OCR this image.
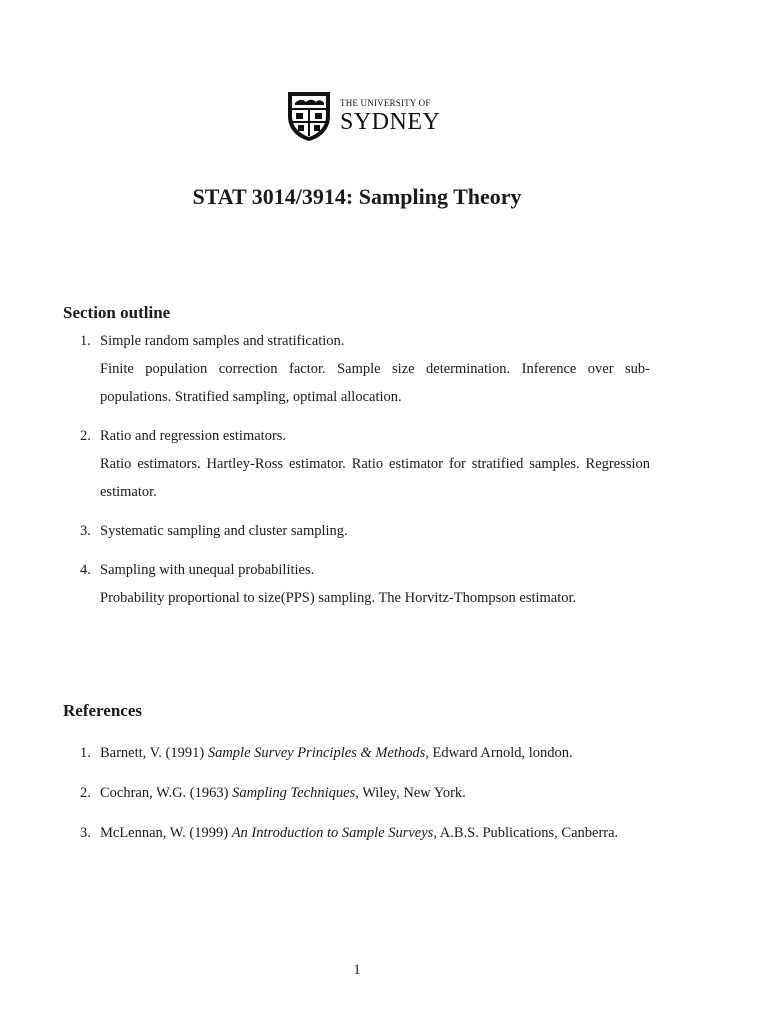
THE UNIVERSITY OF
SYDNEY
STAT 3014/3914: Sampling Theory
Section outline
1. Simple random samples and stratification.
Finite population correction factor. Sample size determination. Inference over sub-populations. Stratified sampling, optimal allocation.
2. Ratio and regression estimators.
Ratio estimators. Hartley-Ross estimator. Ratio estimator for stratified samples. Regression estimator.
3. Systematic sampling and cluster sampling.
4. Sampling with unequal probabilities.
Probability proportional to size(PPS) sampling. The Horvitz-Thompson estimator.
References
1. Barnett, V. (1991) Sample Survey Principles & Methods, Edward Arnold, london.
2. Cochran, W.G. (1963) Sampling Techniques, Wiley, New York.
3. McLennan, W. (1999) An Introduction to Sample Surveys, A.B.S. Publications, Canberra.
1
